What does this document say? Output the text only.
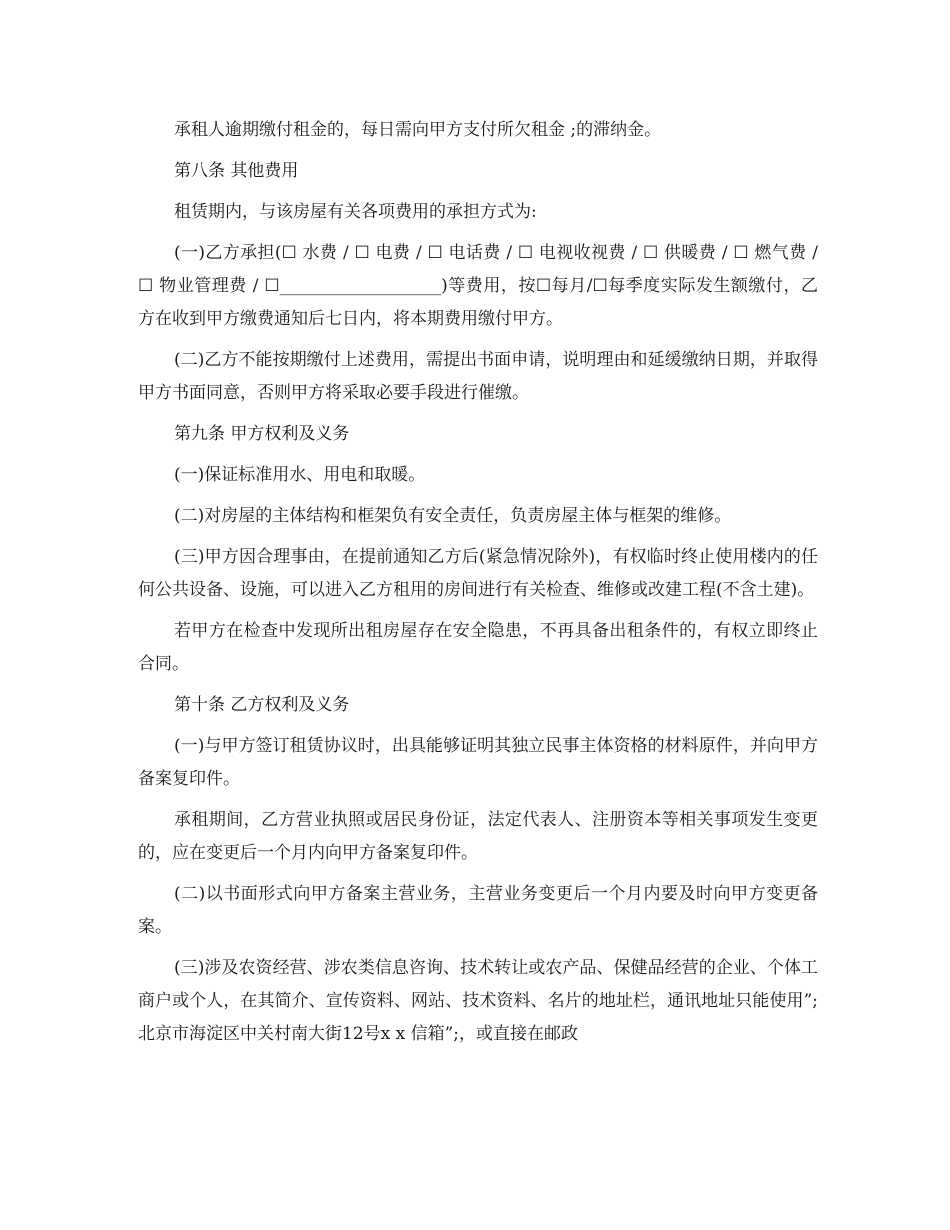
承租人逾期缴付租金的，每日需向甲方支付所欠租金 ;的滞纳金。

第八条 其他费用

租赁期内，与该房屋有关各项费用的承担方式为:

(一)乙方承担(☐ 水费 / ☐ 电费 / ☐ 电话费 / ☐ 电视收视费 / ☐ 供暖费 / ☐ 燃气费 / ☐ 物业管理费 / ☐___________________)等费用，按☐每月/☐每季度实际发生额缴付，乙方在收到甲方缴费通知后七日内，将本期费用缴付甲方。

(二)乙方不能按期缴付上述费用，需提出书面申请，说明理由和延缓缴纳日期，并取得甲方书面同意，否则甲方将采取必要手段进行催缴。

第九条 甲方权利及义务

(一)保证标准用水、用电和取暖。

(二)对房屋的主体结构和框架负有安全责任，负责房屋主体与框架的维修。

(三)甲方因合理事由，在提前通知乙方后(紧急情况除外)，有权临时终止使用楼内的任何公共设备、设施，可以进入乙方租用的房间进行有关检查、维修或改建工程(不含土建)。

若甲方在检查中发现所出租房屋存在安全隐患，不再具备出租条件的，有权立即终止合同。

第十条 乙方权利及义务

(一)与甲方签订租赁协议时，出具能够证明其独立民事主体资格的材料原件，并向甲方备案复印件。

承租期间，乙方营业执照或居民身份证，法定代表人、注册资本等相关事项发生变更的，应在变更后一个月内向甲方备案复印件。

(二)以书面形式向甲方备案主营业务，主营业务变更后一个月内要及时向甲方变更备案。

(三)涉及农资经营、涉农类信息咨询、技术转让或农产品、保健品经营的企业、个体工商户或个人，在其简介、宣传资料、网站、技术资料、名片的地址栏，通讯地址只能使用”;北京市海淀区中关村南大街12号x x 信箱”;，或直接在邮政
